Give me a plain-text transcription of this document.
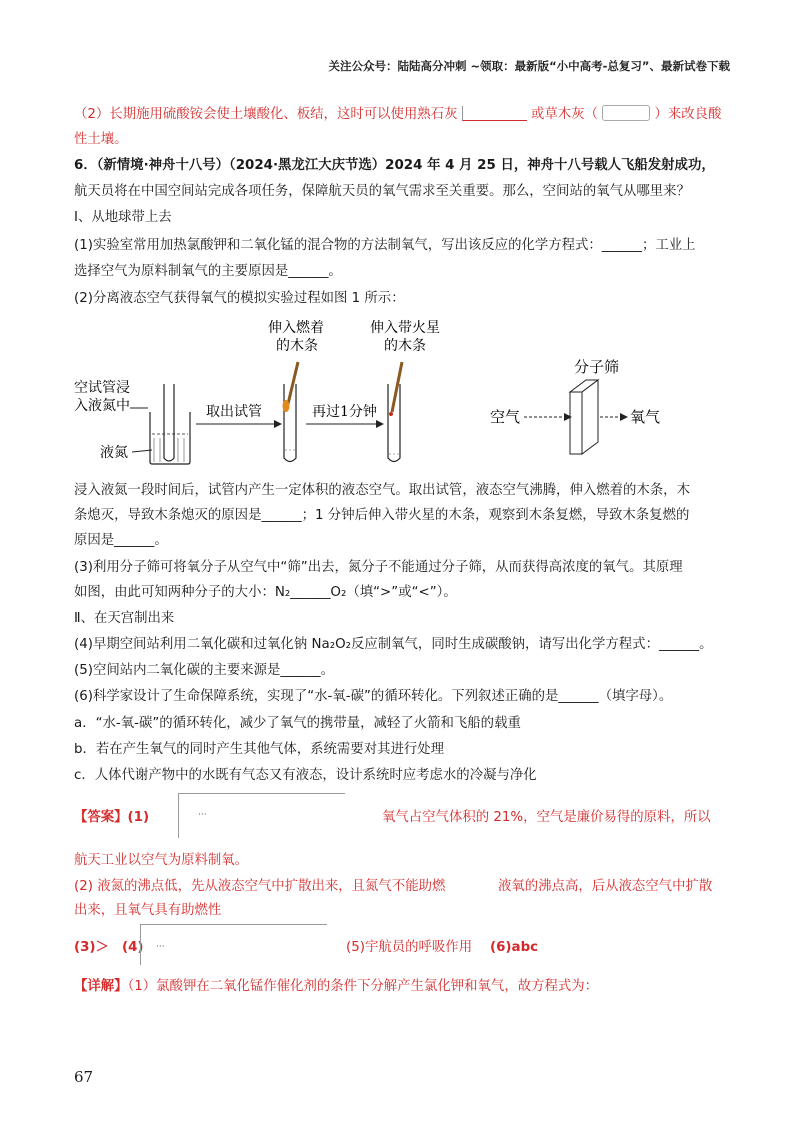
关注公众号：陆陆高分冲刺 ~领取：最新版“小中高考-总复习”、最新试卷下载
（2）长期施用硫酸铵会使土壤酸化、板结，这时可以使用熟石灰	或草木灰（	）来改良酸
性土壤。
6．（新情境·神舟十八号）（2024·黑龙江大庆节选）2024 年 4 月 25 日，神舟十八号载人飞船发射成功，
航天员将在中国空间站完成各项任务，保障航天员的氧气需求至关重要。那么，空间站的氧气从哪里来？
Ⅰ、从地球带上去
(1)实验室常用加热氯酸钾和二氧化锰的混合物的方法制氧气，写出该反应的化学方程式：______；工业上
选择空气为原料制氧气的主要原因是______。
(2)分离液态空气获得氧气的模拟实验过程如图 1 所示：
空试管浸
入液氮中
液氮
取出试管
伸入燃着
的木条
再过1分钟
伸入带火星
的木条
分子筛
空气	氧气
浸入液氮一段时间后，试管内产生一定体积的液态空气。取出试管，液态空气沸腾，伸入燃着的木条，木
条熄灭，导致木条熄灭的原因是______；1 分钟后伸入带火星的木条，观察到木条复燃，导致木条复燃的
原因是______。
(3)利用分子筛可将氧分子从空气中“筛”出去，氮分子不能通过分子筛，从而获得高浓度的氧气。其原理
如图，由此可知两种分子的大小：N₂______O₂（填“>”或“<”）。
Ⅱ、在天宫制出来
(4)早期空间站利用二氧化碳和过氧化钠 Na₂O₂反应制氧气，同时生成碳酸钠，请写出化学方程式：______。
(5)空间站内二氧化碳的主要来源是______。
(6)科学家设计了生命保障系统，实现了“水-氧-碳”的循环转化。下列叙述正确的是______（填字母）。
a．“水-氧-碳”的循环转化，减少了氧气的携带量，减轻了火箭和飞船的载重
b．若在产生氧气的同时产生其他气体，系统需要对其进行处理
c．人体代谢产物中的水既有气态又有液态，设计系统时应考虑水的冷凝与净化
【答案】(1)	···	氧气占空气体积的 21%，空气是廉价易得的原料，所以
航天工业以空气为原料制氧。
(2) 液氮的沸点低，先从液态空气中扩散出来，且氮气不能助燃	液氧的沸点高，后从液态空气中扩散
出来，且氧气具有助燃性
(3)＞ (4) ···	(5)宇航员的呼吸作用 (6)abc
【详解】（1）氯酸钾在二氧化锰作催化剂的条件下分解产生氯化钾和氧气，故方程式为：
67
